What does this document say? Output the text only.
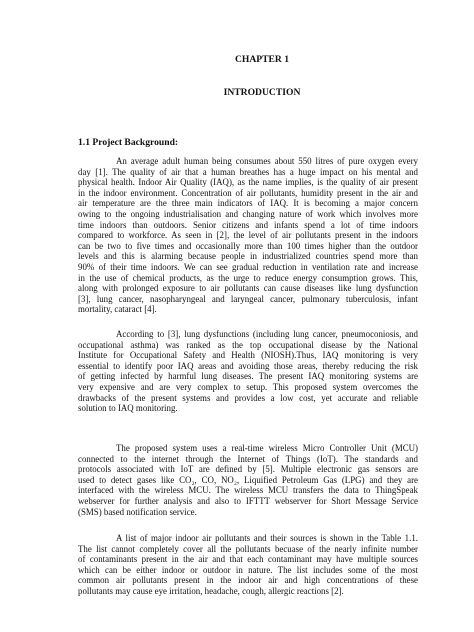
CHAPTER 1
INTRODUCTION
1.1 Project Background:
An average adult human being consumes about 550 litres of pure oxygen every
day [1]. The quality of air that a human breathes has a huge impact on his mental and
physical health. Indoor Air Quality (IAQ), as the name implies, is the quality of air present
in the indoor environment. Concentration of air pollutants, humidity present in the air and
air temperature are the three main indicators of IAQ. It is becoming a major concern
owing to the ongoing industrialisation and changing nature of work which involves more
time indoors than outdoors. Senior citizens and infants spend a lot of time indoors
compared to workforce. As seen in [2], the level of air pollutants present in the indoors
can be two to five times and occasionally more than 100 times higher than the outdoor
levels and this is alarming because people in industrialized countries spend more than
90% of their time indoors. We can see gradual reduction in ventilation rate and increase
in the use of chemical products, as the urge to reduce energy consumption grows. This,
along with prolonged exposure to air pollutants can cause diseases like lung dysfunction
[3], lung cancer, nasopharyngeal and laryngeal cancer, pulmonary tuberculosis, infant
mortality, cataract [4].
According to [3], lung dysfunctions (including lung cancer, pneumoconiosis, and
occupational asthma) was ranked as the top occupational disease by the National
Institute for Occupational Safety and Health (NIOSH).Thus, IAQ monitoring is very
essential to identify poor IAQ areas and avoiding those areas, thereby reducing the risk
of getting infected by harmful lung diseases. The present IAQ monitoring systems are
very expensive and are very complex to setup. This proposed system overcomes the
drawbacks of the present systems and provides a low cost, yet accurate and reliable
solution to IAQ monitoring.
The proposed system uses a real-time wireless Micro Controller Unit (MCU)
connected to the internet through the Internet of Things (IoT). The standards and
protocols associated with IoT are defined by [5]. Multiple electronic gas sensors are
used to detect gases like CO₂, CO, NO₂, Liquified Petroleum Gas (LPG) and they are
interfaced with the wireless MCU. The wireless MCU transfers the data to ThingSpeak
webserver for further analysis and also to IFTTT webserver for Short Message Service
(SMS) based notification service.
A list of major indoor air pollutants and their sources is shown in the Table 1.1.
The list cannot completely cover all the pollutants becuase of the nearly infinite number
of contaminants present in the air and that each contaminant may have multiple sources
which can be either indoor or outdoor in nature. The list includes some of the most
common air pollutants present in the indoor air and high concentrations of these
pollutants may cause eye irritation, headache, cough, allergic reactions [2].
